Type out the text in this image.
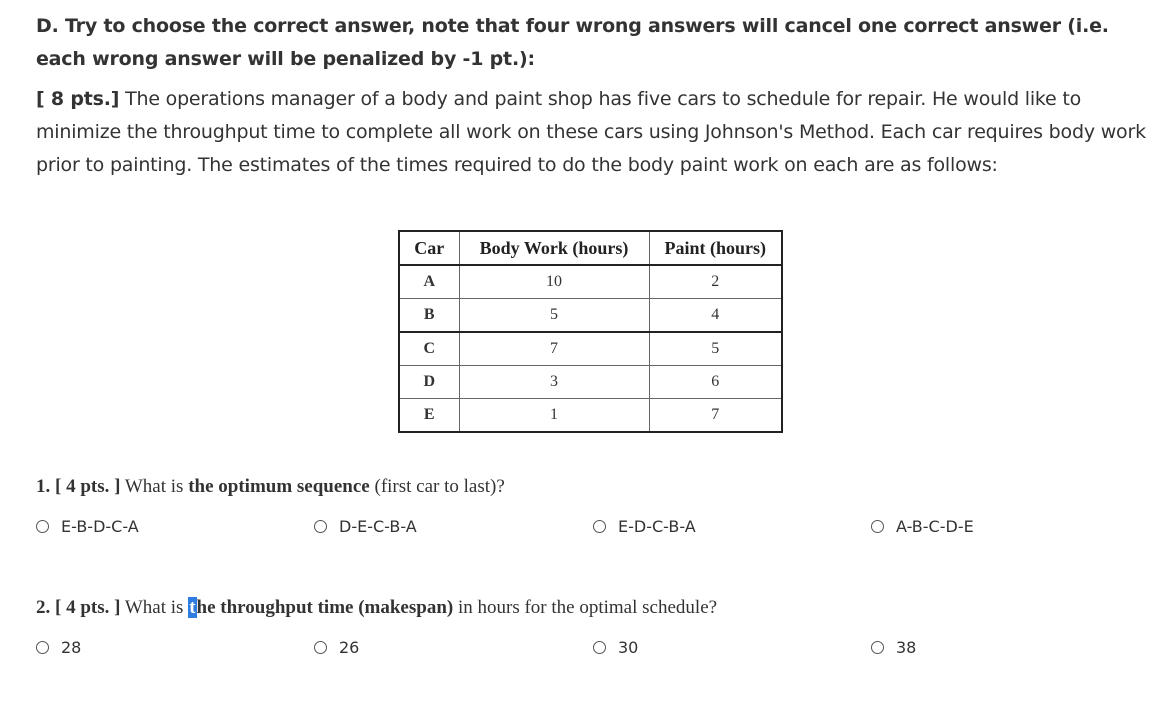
D. Try to choose the correct answer, note that four wrong answers will cancel one correct answer (i.e. each wrong answer will be penalized by -1 pt.):
[ 8 pts.] The operations manager of a body and paint shop has five cars to schedule for repair. He would like to minimize the throughput time to complete all work on these cars using Johnson's Method. Each car requires body work prior to painting. The estimates of the times required to do the body paint work on each are as follows:
Car	Body Work (hours)	Paint (hours)
A	10	2
B	5	4
C	7	5
D	3	6
E	1	7
1. [ 4 pts. ] What is the optimum sequence (first car to last)?
E-B-D-C-A	D-E-C-B-A	E-D-C-B-A	A-B-C-D-E
2. [ 4 pts. ] What is the throughput time (makespan) in hours for the optimal schedule?
28	26	30	38
